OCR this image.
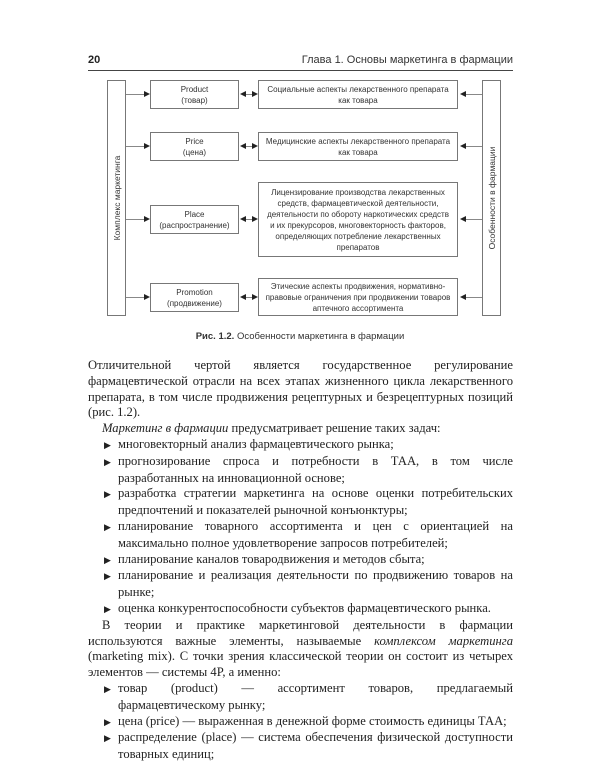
20	Глава 1. Основы маркетинга в фармации
Комплекс маркетинга	Особенности в фармации
Product
(товар)
Социальные аспекты лекарственного препарата
как товара
Price
(цена)
Медицинские аспекты лекарственного препарата
как товара
Place
(распространение)
Лицензирование производства лекарственных
средств, фармацевтической деятельности,
деятельности по обороту наркотических средств
и их прекурсоров, многовекторность факторов,
определяющих потребление лекарственных
препаратов
Promotion
(продвижение)
Этические аспекты продвижения, нормативно-
правовые ограничения при продвижении товаров
аптечного ассортимента
Рис. 1.2. Особенности маркетинга в фармации

Отличительной чертой является государственное регулирование фармацевтической отрасли на всех этапах жизненного цикла лекарственного препарата, в том числе продвижения рецептурных и безрецептурных позиций (рис. 1.2).

Маркетинг в фармации предусматривает решение таких задач:

▶ многовекторный анализ фармацевтического рынка;

▶ прогнозирование спроса и потребности в ТАА, в том числе разработанных на инновационной основе;

▶ разработка стратегии маркетинга на основе оценки потребительских предпочтений и показателей рыночной конъюнктуры;

▶ планирование товарного ассортимента и цен с ориентацией на максимально полное удовлетворение запросов потребителей;

▶ планирование каналов товародвижения и методов сбыта;

▶ планирование и реализация деятельности по продвижению товаров на рынке;

▶ оценка конкурентоспособности субъектов фармацевтического рынка.

В теории и практике маркетинговой деятельности в фармации используются важные элементы, называемые комплексом маркетинга (marketing mix). С точки зрения классической теории он состоит из четырех элементов — системы 4P, а именно:

▶ товар (product) — ассортимент товаров, предлагаемый фармацевтическому рынку;

▶ цена (price) — выраженная в денежной форме стоимость единицы ТАА;

▶ распределение (place) — система обеспечения физической доступности товарных единиц;
